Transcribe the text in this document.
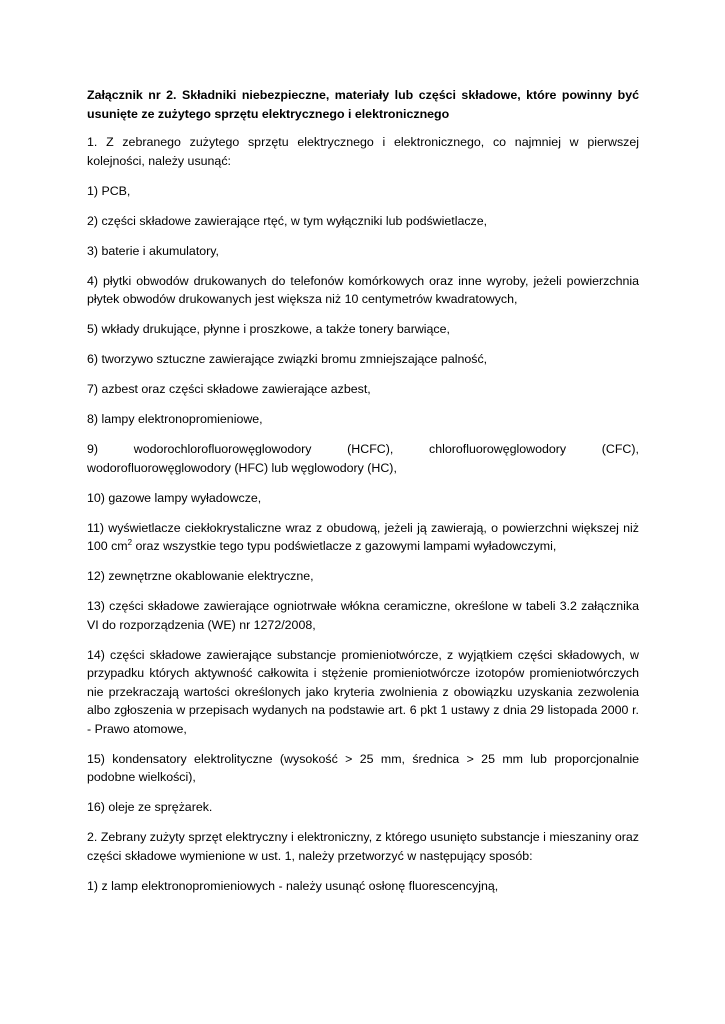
Załącznik nr 2. Składniki niebezpieczne, materiały lub części składowe, które powinny być usunięte ze zużytego sprzętu elektrycznego i elektronicznego

1. Z zebranego zużytego sprzętu elektrycznego i elektronicznego, co najmniej w pierwszej kolejności, należy usunąć:

1) PCB,

2) części składowe zawierające rtęć, w tym wyłączniki lub podświetlacze,

3) baterie i akumulatory,

4) płytki obwodów drukowanych do telefonów komórkowych oraz inne wyroby, jeżeli powierzchnia płytek obwodów drukowanych jest większa niż 10 centymetrów kwadratowych,

5) wkłady drukujące, płynne i proszkowe, a także tonery barwiące,

6) tworzywo sztuczne zawierające związki bromu zmniejszające palność,

7) azbest oraz części składowe zawierające azbest,

8) lampy elektronopromieniowe,

9)	wodorochlorofluorowęglowodory	(HCFC),	chlorofluorowęglowodory	(CFC),
wodorofluorowęglowodory (HFC) lub węglowodory (HC),

10) gazowe lampy wyładowcze,

11) wyświetlacze ciekłokrystaliczne wraz z obudową, jeżeli ją zawierają, o powierzchni większej niż 100 $cm^2$ oraz wszystkie tego typu podświetlacze z gazowymi lampami wyładowczymi,

12) zewnętrzne okablowanie elektryczne,

13) części składowe zawierające ogniotrwałe włókna ceramiczne, określone w tabeli 3.2 załącznika VI do rozporządzenia (WE) nr 1272/2008,

14) części składowe zawierające substancje promieniotwórcze, z wyjątkiem części składowych, w przypadku których aktywność całkowita i stężenie promieniotwórcze izotopów promieniotwórczych nie przekraczają wartości określonych jako kryteria zwolnienia z obowiązku uzyskania zezwolenia albo zgłoszenia w przepisach wydanych na podstawie art. 6 pkt 1 ustawy z dnia 29 listopada 2000 r. - Prawo atomowe,

15) kondensatory elektrolityczne (wysokość > 25 mm, średnica > 25 mm lub proporcjonalnie podobne wielkości),

16) oleje ze sprężarek.

2. Zebrany zużyty sprzęt elektryczny i elektroniczny, z którego usunięto substancje i mieszaniny oraz części składowe wymienione w ust. 1, należy przetworzyć w następujący sposób:

1) z lamp elektronopromieniowych - należy usunąć osłonę fluorescencyjną,
